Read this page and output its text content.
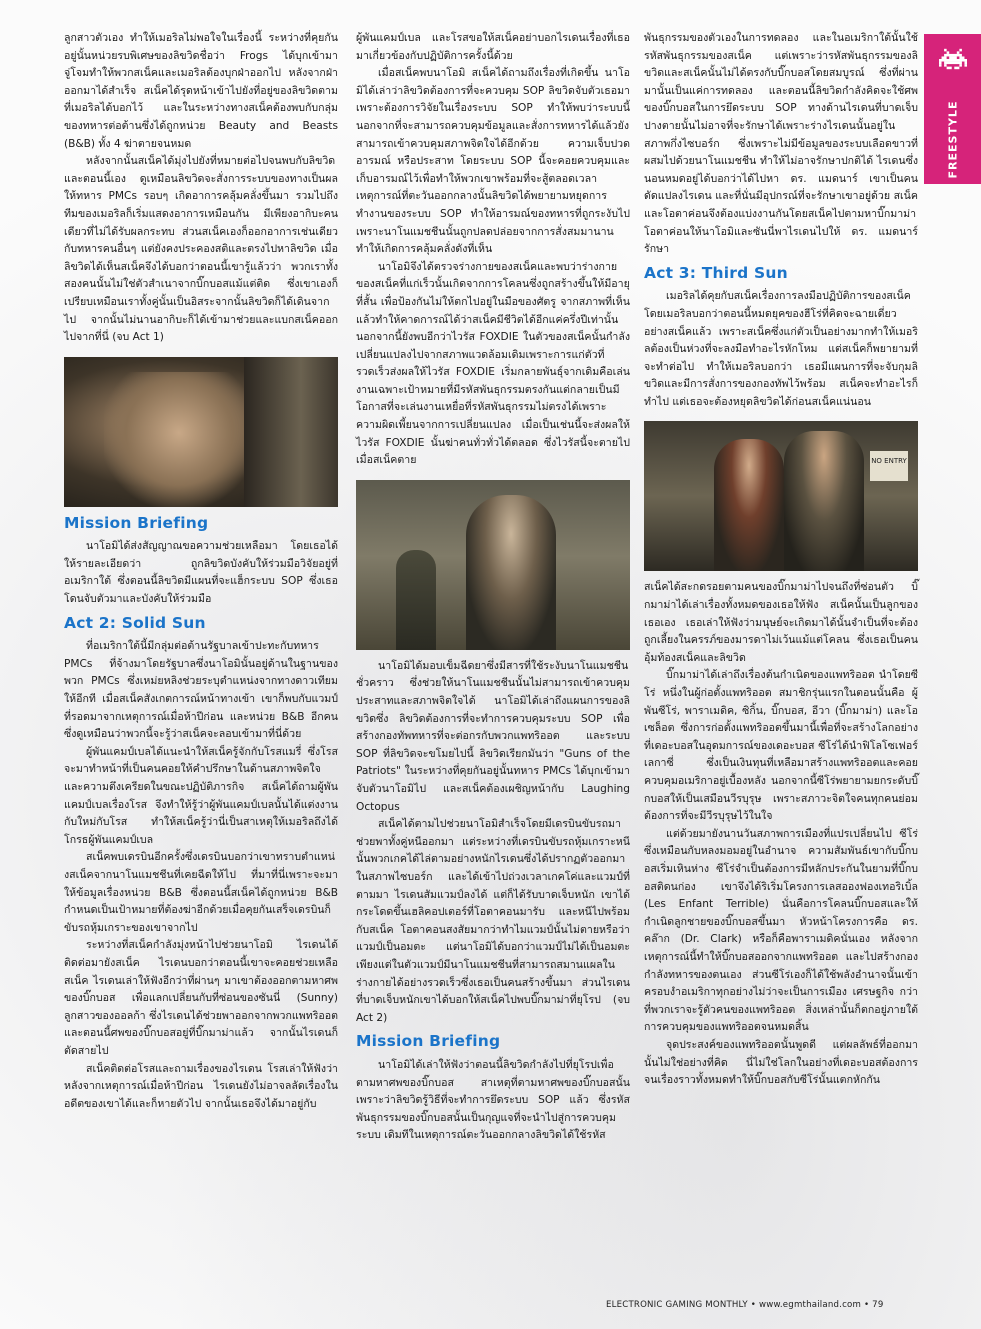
FREESTYLE

ลูกสาวตัวเอง ทำให้เมอริลไม่พอใจในเรื่องนี้ ระหว่างที่คุยกันอยู่นั้นหน่วยรบพิเศษของลิขวิดชื่อว่า Frogs ได้บุกเข้ามาจู่โจมทำให้พวกสเน็คและเมอริลต้องบุกฝ่าออกไป หลังจากฝ่าออกมาได้สำเร็จ สเน็คได้รุดหน้าเข้าไปยังที่อยู่ของลิขวิดตามที่เมอริลได้บอกไว้ และในระหว่างทางสเน็คต้องพบกับกลุ่มของทหารต่อต้านซึ่งได้ถูกหน่วย Beauty and Beasts (B&B) ทั้ง 4 ฆ่าตายจนหมด

หลังจากนั้นสเน็คได้มุ่งไปยังที่หมายต่อไปจนพบกับลิขวิดและตอนนี้เอง ดูเหมือนลิขวิดจะสั่งการระบบของทางเป็นผลให้ทหาร PMCs รอบๆ เกิดอาการคลุ้มคลั่งขึ้นมา รวมไปถึงทีมของเมอริลก็เริ่มแสดงอาการเหมือนกัน มีเพียงอากิบะคนเดียวที่ไม่ได้รับผลกระทบ ส่วนสเน็คเองก็ออกอาการเช่นเดียวกับทหารคนอื่นๆ แต่ยังคงประคองสติและตรงไปหาลิขวิด เมื่อลิขวิดได้เห็นสเน็คจึงได้บอกว่าตอนนี้เขารู้แล้วว่า พวกเราทั้งสองคนนั้นไม่ใช่ตัวสำเนาจากบิ๊กบอสแม้แต่ติด ซึ่งเขาเองก็เปรียบเหมือนเราทั้งคู่นั้นเป็นอิสระจากนั้นลิขวิดก็ได้เดินจากไป จากนั้นไม่นานอากิบะก็ได้เข้ามาช่วยและแบกสเน็คออกไปจากที่นี่ (จบ Act 1)

Mission Briefing

นาโอมิได้ส่งสัญญาณขอความช่วยเหลือมา โดยเธอได้ให้รายละเอียดว่า ถูกลิขวิดบังคับให้ร่วมมือวิจัยอยู่ที่อเมริกาใต้ ซึ่งตอนนี้ลิขวิดมีแผนที่จะแฮ็กระบบ SOP ซึ่งเธอโดนจับตัวมาและบังคับให้ร่วมมือ

Act 2: Solid Sun

ที่อเมริกาใต้นี้มีกลุ่มต่อต้านรัฐบาลเข้าปะทะกับทหาร PMCs ที่จ้างมาโดยรัฐบาลซึ่งนาโอมินั้นอยู่ด้านในฐานของพวก PMCs ซึ่งเหม่ยหลิงช่วยระบุตำแหน่งจากทางดาวเทียมให้อีกที เมื่อสเน็คสังเกตการณ์หน้าทางเข้า เขาก็พบกับแวมป์ที่รอดมาจากเหตุการณ์เมื่อห้าปีก่อน และหน่วย B&B อีกคนซึ่งดูเหมือนว่าพวกนี้จะรู้ว่าสเน็คจะลอบเข้ามาที่นี่ด้วย

ผู้พันแคมป์เบลได้แนะนำให้สเน็ครู้จักกับโรสแมรี่ ซึ่งโรสจะมาทำหน้าที่เป็นคนคอยให้คำปรึกษาในด้านสภาพจิตใจและความตึงเครียดในขณะปฏิบัติภารกิจ สเน็คได้ถามผู้พันแคมป์เบลเรื่องโรส จึงทำให้รู้ว่าผู้พันแคมป์เบลนั้นได้แต่งงานกับใหม่กับโรส ทำให้สเน็ครู้ว่านี่เป็นสาเหตุให้เมอริลถึงได้โกรธผู้พันแคมป์เบล

สเน็คพบเดรบินอีกครั้งซึ่งเดรบินบอกว่าเขาทราบตำแหน่งสเน็คจากนาโนแมชชีนที่เคยฉีดให้ไป ที่มาที่นี่เพราะจะมาให้ข้อมูลเรื่องหน่วย B&B ซึ่งตอนนี้สเน็คได้ถูกหน่วย B&B กำหนดเป็นเป้าหมายที่ต้องฆ่าอีกด้วยเมื่อคุยกันเสร็จเดรบินก็ขับรถหุ้มเกราะของเขาจากไป

ระหว่างที่สเน็คกำลังมุ่งหน้าไปช่วยนาโอมิ ไรเดนได้ติดต่อมายังสเน็ค ไรเดนบอกว่าตอนนี้เขาจะคอยช่วยเหลือสเน็ค ไรเดนเล่าให้ฟังอีกว่าที่ผ่านๆ มาเขาต้องออกตามหาศพของบิ๊กบอส เพื่อแลกเปลี่ยนกับที่ซ่อนของซันนี่ (Sunny) ลูกสาวของออลก้า ซึ่งไรเดนได้ช่วยพาออกจากพวกแพทริออต และตอนนี้ศพของบิ๊กบอสอยู่ที่บิ๊กมาม่าแล้ว จากนั้นไรเดนก็ตัดสายไป

สเน็คติดต่อโรสและถามเรื่องของไรเดน โรสเล่าให้ฟังว่าหลังจากเหตุการณ์เมื่อห้าปีก่อน ไรเดนยังไม่อาจลลัดเรื่องในอดีตของเขาได้และก็หายตัวไป จากนั้นเธอจึงได้มาอยู่กับ

ผู้พันแคมป์เบล และโรสขอให้สเน็คอย่าบอกไรเดนเรื่องที่เธอมาเกี่ยวข้องกับปฏิบัติการครั้งนี้ด้วย

เมื่อสเน็คพบนาโอมิ สเน็คได้ถามถึงเรื่องที่เกิดขึ้น นาโอมิได้เล่าว่าลิขวิดต้องการที่จะควบคุม SOP ลิขวิดจับตัวเธอมาเพราะต้องการวิจัยในเรื่องระบบ SOP ทำให้พบว่าระบบนี้นอกจากที่จะสามารถควบคุมข้อมูลและสั่งการทหารได้แล้วยังสามารถเข้าควบคุมสภาพจิตใจได้อีกด้วย ความเจ็บปวด อารมณ์ หรือประสาท โดยระบบ SOP นี้จะคอยควบคุมและเก็บอารมณ์ไว้เพื่อทำให้พวกเขาพร้อมที่จะสู้ตลอดเวลา เหตุการณ์ที่ตะวันออกกลางนั้นลิขวิดได้พยายามหยุดการทำงานของระบบ SOP ทำให้อารมณ์ของทหารที่ถูกระงับไปเพราะนาโนแมชชีนนั้นถูกปลดปล่อยจากการสั่งสมมานาน ทำให้เกิดการคลุ้มคลั่งดังที่เห็น

นาโอมิจึงได้ตรวจร่างกายของสเน็คและพบว่าร่างกายของสเน็คที่แก่เร็วนั้นเกิดจากการโคลนซึ่งถูกสร้างขึ้นให้มีอายุที่สั้น เพื่อป้องกันไม่ให้ตกไปอยู่ในมือของศัตรู จากสภาพที่เห็นแล้วทำให้คาดการณ์ได้ว่าสเน็คมีชีวิตได้อีกแค่ครึ่งปีเท่านั้น นอกจากนี้ยังพบอีกว่าไวรัส FOXDIE ในตัวของสเน็คนั้นกำลังเปลี่ยนแปลงไปจากสภาพแวดล้อมเดิมเพราะการแก่ตัวที่รวดเร็วส่งผลให้ไวรัส FOXDIE เริ่มกลายพันธุ์จากเดิมคือเล่นงานเฉพาะเป้าหมายที่มีรหัสพันธุกรรมตรงกันแต่กลายเป็นมีโอกาสที่จะเล่นงานเหยื่อที่รหัสพันธุกรรมไม่ตรงได้เพราะความผิดเพี้ยนจากการเปลี่ยนแปลง เมื่อเป็นเช่นนี้จะส่งผลให้ไวรัส FOXDIE นั้นฆ่าคนทั่วทั่วได้ตลอด ซึ่งไวรัสนี้จะตายไปเมื่อสเน็คตาย

นาโอมิได้มอบเข็มฉีดยาซึ่งมีสารที่ใช้ระงับนาโนแมชชีนชั่วคราว ซึ่งช่วยให้นาโนแมชชีนนั้นไม่สามารถเข้าควบคุมประสาทและสภาพจิตใจได้ นาโอมิได้เล่าถึงแผนการของลิขวิดซึ่ง ลิขวิดต้องการที่จะทำการควบคุมระบบ SOP เพื่อสร้างกองทัพทหารที่จะต่อกรกับพวกแพทริออต และระบบ SOP ที่ลิขวิดจะขโมยไปนี้ ลิขวิดเรียกมันว่า "Guns of the Patriots" ในระหว่างที่คุยกันอยู่นั้นทหาร PMCs ได้บุกเข้ามาจับตัวนาโอมิไป และสเน็คต้องเผชิญหน้ากับ Laughing Octopus

สเน็คได้ตามไปช่วยนาโอมิสำเร็จโดยมีเดรบินขับรถมาช่วยพาทั้งคู่หนีออกมา แต่ระหว่างที่เดรบินขับรถหุ้มเกราะหนีนั้นพวกเกคได้ไล่ตามอย่างหนักไรเดนซึ่งได้ปรากฏตัวออกมาในสภาพไซบอร์ก และได้เข้าไปถ่วงเวลาเกคโค่และแวมป์ที่ตามมา ไรเดนสัมแวมป์ลงได้ แต่ก็ได้รับบาดเจ็บหนัก เขาได้กระโดดขึ้นเฮลิคอปเตอร์ที่โอตาคอนมารับ และหนีไปพร้อมกับสเน็ค โอตาคอนสงสัยมากว่าทำไมแวมป์นั้นไม่ตายหรือว่าแวมป์เป็นอมตะ แต่นาโอมิได้บอกว่าแวมป์ไม่ได้เป็นอมตะ เพียงแต่ในตัวแวมป์มีนาโนแมชชีนที่สามารถสมานแผลในร่างกายได้อย่างรวดเร็วซึ่งเธอเป็นคนสร้างขึ้นมา ส่วนไรเดนที่บาดเจ็บหนักเขาได้บอกให้สเน็คไปพบบิ๊กมาม่าที่ยุโรป (จบ Act 2)

Mission Briefing

นาโอมิได้เล่าให้ฟังว่าตอนนี้ลิขวิดกำลังไปที่ยุโรปเพื่อตามหาศพของบิ๊กบอส สาเหตุที่ตามหาศพของบิ๊กบอสนั้นเพราะว่าลิขวิดรู้วิธีที่จะทำการยึดระบบ SOP แล้ว ซึ่งรหัสพันธุกรรมของบิ๊กบอสนั้นเป็นกุญแจที่จะนำไปสู่การควบคุมระบบ เดิมทีในเหตุการณ์ตะวันออกกลางลิขวิดได้ใช้รหัส

พันธุกรรมของตัวเองในการทดลอง และในอเมริกาใต้นั้นใช้รหัสพันธุกรรมของสเน็ค แต่เพราะว่ารหัสพันธุกรรมของลิขวิดและสเน็คนั้นไม่ได้ตรงกับบิ๊กบอสโดยสมบูรณ์ ซึ่งที่ผ่านมานั้นเป็นแค่การทดลอง และตอนนี้ลิขวิดกำลังคิดจะใช้ศพของบิ๊กบอสในการยึดระบบ SOP ทางด้านไรเดนที่บาดเจ็บปางตายนั้นไม่อาจที่จะรักษาได้เพราะร่างไรเดนนั้นอยู่ในสภาพกึ่งไซบอร์ก ซึ่งเพราะไม่มีข้อมูลของระบบเลือดขาวที่ผสมไปด้วยนาโนแมชชีน ทำให้ไม่อาจรักษาปกติได้ ไรเดนซึ่งนอนหมดอยู่ได้บอกว่าได้ไปหา ดร. แมดนาร์ เขาเป็นคนดัดแปลงไรเดน และที่นั่นมีอุปกรณ์ที่จะรักษาเขาอยู่ด้วย สเน็คและโอตาค่อนจึงต้องแบ่งงานกันโดยสเน็คไปตามหาบิ๊กมาม่า โอตาค่อนให้นาโอมิและซันนี่พาไรเดนไปให้ ดร. แมดนาร์รักษา

Act 3: Third Sun

เมอริลได้คุยกับสเน็คเรื่องการลงมือปฏิบัติการของสเน็คโดยเมอริลบอกว่าตอนนี้หมดยุคของฮีโร่ที่คิดจะฉายเดี่ยวอย่างสเน็คแล้ว เพราะสเน็คซึ่งแก่ตัวเป็นอย่างมากทำให้เมอริลต้องเป็นห่วงที่จะลงมือทำอะไรหักโหม แต่สเน็คก็พยายามที่จะทำต่อไป ทำให้เมอริลบอกว่า เธอมีแผนการที่จะจับกุมลิขวิดและมีการสั่งการของกองทัพไว้พร้อม สเน็คจะทำอะไรก็ทำไป แต่เธอจะต้องหยุดลิขวิดได้ก่อนสเน็คแน่นอน

NO ENTRY

สเน็คได้สะกดรอยตามคนของบิ๊กมาม่าไปจนถึงที่ซ่อนตัว บิ๊กมาม่าได้เล่าเรื่องทั้งหมดของเธอให้ฟัง สเน็คนั้นเป็นลูกของเธอเอง เธอเล่าให้ฟังว่ามนุษย์จะเกิดมาได้นั้นจำเป็นที่จะต้องถูกเลี้ยงในครรภ์ของมารดาไม่เว้นแม้แต่โคลน ซึ่งเธอเป็นคนอุ้มท้องสเน็คและลิขวิด

บิ๊กมาม่าได้เล่าถึงเรื่องต้นกำเนิดของแพทริออต นำโดยซีโร่ หนึ่งในผู้ก่อตั้งแพทริออต สมาชิกรุ่นแรกในตอนนั้นคือ ผู้พันซีโร่, พาราเมดิค, ซิกิ้น, บิ๊กบอส, อีวา (บิ๊กมาม่า) และโอเซล็อต ซึ่งการก่อตั้งแพทริออตขึ้นมานี้เพื่อที่จะสร้างโลกอย่างที่เดอะบอสในอุดมการณ์ของเดอะบอส ซีโร่ได้นำฟิโลโซเฟอร์เลกาซี่ ซึ่งเป็นเงินทุนที่เหลือมาสร้างแพทริออตและคอยควบคุมอเมริกาอยู่เบื้องหลัง นอกจากนี้ซีโร่พยายามยกระดับบิ๊กบอสให้เป็นเสมือนวีรบุรุษ เพราะสภาวะจิตใจคนทุกคนย่อมต้องการที่จะมีวีรบุรุษไว้ในใจ

แต่ด้วยมายังนานวันสภาพการเมืองที่แปรเปลี่ยนไป ซีโร่ซึ่งเหมือนกับหลงมอมอยู่ในอำนาจ ความสัมพันธ์เขากับบิ๊กบอสเริ่มเหินห่าง ซีโร่จำเป็นต้องการมีหลักประกันในยามที่บิ๊กบอสติดนก่อง เขาจึงได้ริเริ่มโครงการเลสอองฟองเทอริเบิ้ล (Les Enfant Terrible) นั่นคือการโคลนบิ๊กบอสและให้กำเนิดลูกชายของบิ๊กบอสขึ้นมา หัวหน้าโครงการคือ ดร. คล๊าก (Dr. Clark) หรือก็คือพาราเมดิคนั่นเอง หลังจากเหตุการณ์นี้ทำให้บิ๊กบอสออกจากแพทริออต และไปสร้างกองกำลังทหารของตนเอง ส่วนซีโร่เองก็ได้ใช้พลังอำนาจนั้นเข้าครอบงำอเมริกาทุกอย่างไม่ว่าจะเป็นการเมือง เศรษฐกิจ กว่าที่พวกเราจะรู้ตัวคนของแพทริออต สิ่งเหล่านั้นก็ตกอยู่ภายใต้การควบคุมของแพทริออตจนหมดสิ้น

จุดประสงค์ของแพทริออตนั้นพูดดี แต่ผลลัพธ์ที่ออกมานั้นไม่ใช่อย่างที่คิด นี่ไม่ใช่โลกในอย่างที่เดอะบอสต้องการ จนเรื่องราวทั้งหมดทำให้บิ๊กบอสกับซีโร่นั้นแตกหักกัน

ELECTRONIC GAMING MONTHLY • www.egmthailand.com • 79
